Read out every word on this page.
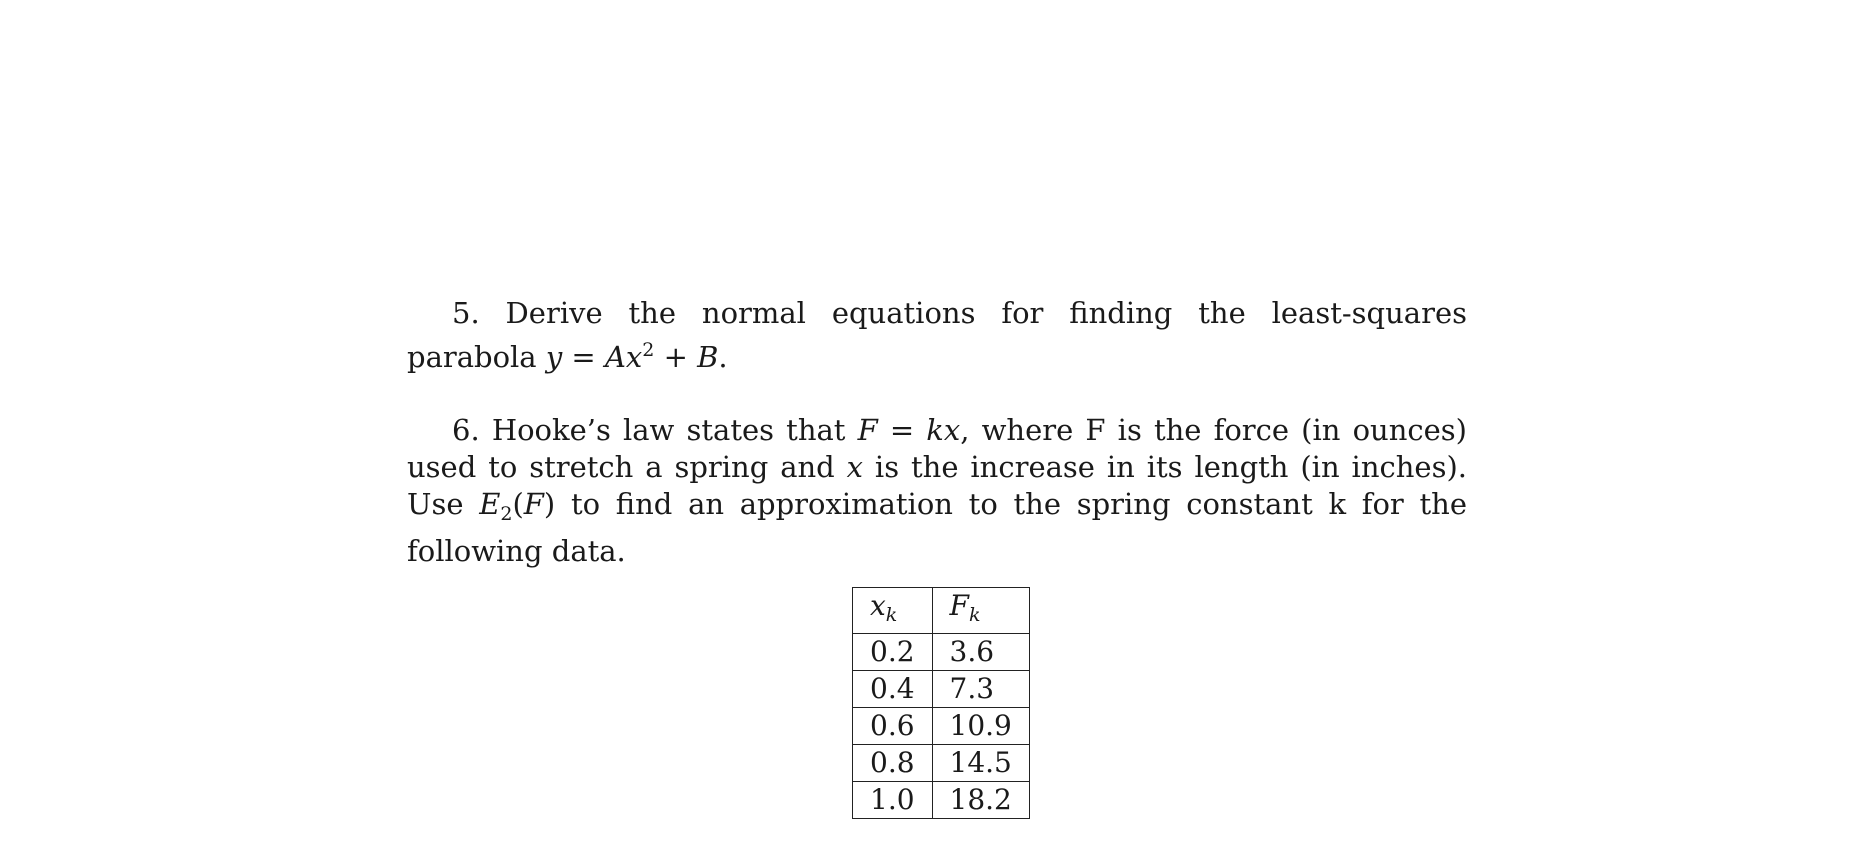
5. Derive the normal equations for finding the least-squares parabola $y = Ax^2 + B$.

6. Hooke’s law states that F = kx, where F is the force (in ounces) used to stretch a spring and x is the increase in its length (in inches). Use $E_2(F)$ to find an approximation to the spring constant k for the following data.

$x_k$	$F_k$
0.2	3.6
0.4	7.3
0.6	10.9
0.8	14.5
1.0	18.2
